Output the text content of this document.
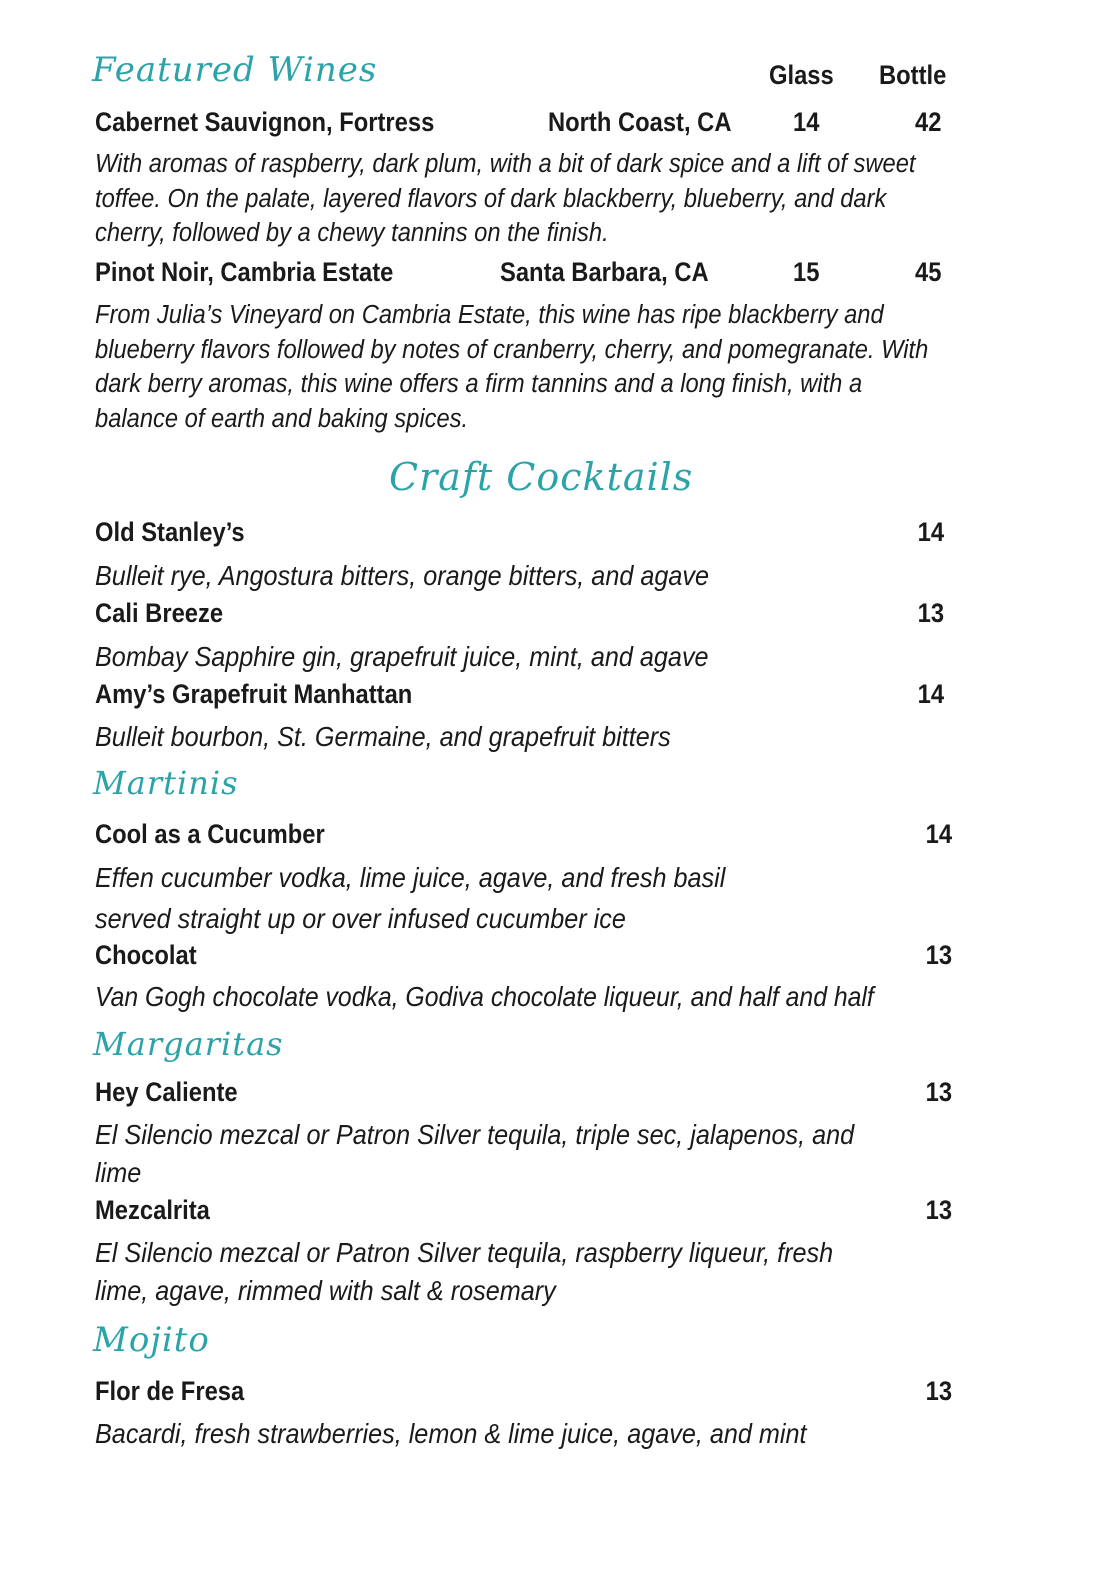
Featured Wines	Glass Bottle
Cabernet Sauvignon, Fortress	North Coast, CA 14	42
With aromas of raspberry, dark plum, with a bit of dark spice and a lift of sweet
toffee. On the palate, layered flavors of dark blackberry, blueberry, and dark
cherry, followed by a chewy tannins on the finish.
Pinot Noir, Cambria Estate	Santa Barbara, CA	15	45
From Julia’s Vineyard on Cambria Estate, this wine has ripe blackberry and
blueberry flavors followed by notes of cranberry, cherry, and pomegranate. With
dark berry aromas, this wine offers a firm tannins and a long finish, with a
balance of earth and baking spices.
Craft Cocktails
Old Stanley’s	14
Bulleit rye, Angostura bitters, orange bitters, and agave
Cali Breeze	13
Bombay Sapphire gin, grapefruit juice, mint, and agave
Amy’s Grapefruit Manhattan	14
Bulleit bourbon, St. Germaine, and grapefruit bitters
Martinis
Cool as a Cucumber	14
Effen cucumber vodka, lime juice, agave, and fresh basil
served straight up or over infused cucumber ice
Chocolat	13
Van Gogh chocolate vodka, Godiva chocolate liqueur, and half and half
Margaritas
Hey Caliente	13
El Silencio mezcal or Patron Silver tequila, triple sec, jalapenos, and
lime
Mezcalrita	13
El Silencio mezcal or Patron Silver tequila, raspberry liqueur, fresh
lime, agave, rimmed with salt & rosemary
Mojito
Flor de Fresa	13
Bacardi, fresh strawberries, lemon & lime juice, agave, and mint
